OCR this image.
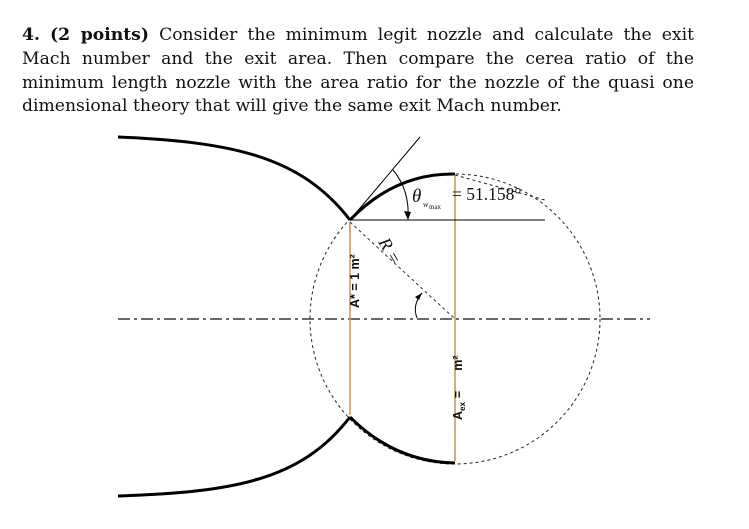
4. (2 points) Consider the minimum legit nozzle and calculate the exit Mach number and the exit area. Then compare the cerea ratio of the minimum length nozzle with the area ratio for the nozzle of the quasi one dimensional theory that will give the same exit Mach number.
θ w max
= 51.158°
R =
A* = 1 m²
$A_{ex}=m^2$
